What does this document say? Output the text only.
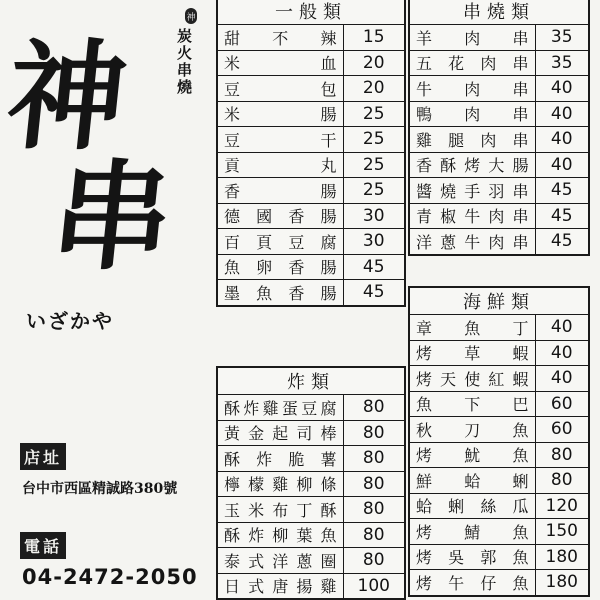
神
炭火串燒
神
串
いざかや
店址
台中市西區精誠路380號
電話
04-2472-2050
一般類	
甜不辣	15
米血	20
豆包	20
米腸	25
豆干	25
貢丸	25
香腸	25
德國香腸	30
百頁豆腐	30
魚卵香腸	45
墨魚香腸	45
串燒類	
羊肉串	35
五花肉串	35
牛肉串	40
鴨肉串	40
雞腿肉串	40
香酥烤大腸	40
醬燒手羽串	45
青椒牛肉串	45
洋蔥牛肉串	45
海鮮類	
章魚丁	40
烤草蝦	40
烤天使紅蝦	40
魚下巴	60
秋刀魚	60
烤魷魚	80
鮮蛤蜊	80
蛤蜊絲瓜	120
烤鯖魚	150
烤吳郭魚	180
烤午仔魚	180
炸類	
酥炸雞蛋豆腐	80
黃金起司棒	80
酥炸脆薯	80
檸檬雞柳條	80
玉米布丁酥	80
酥炸柳葉魚	80
泰式洋蔥圈	80
日式唐揚雞	100
